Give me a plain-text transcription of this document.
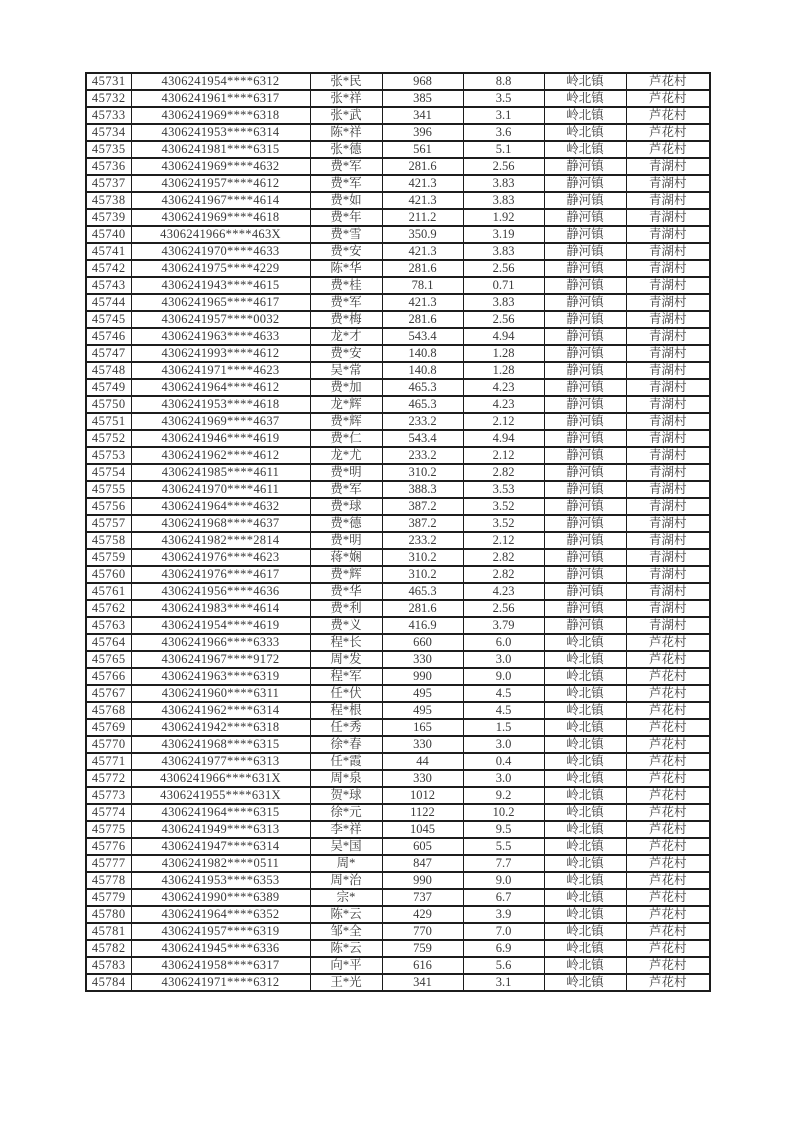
45731	4306241954****6312	张*民	968	8.8	岭北镇	芦花村
45732	4306241961****6317	张*祥	385	3.5	岭北镇	芦花村
45733	4306241969****6318	张*武	341	3.1	岭北镇	芦花村
45734	4306241953****6314	陈*祥	396	3.6	岭北镇	芦花村
45735	4306241981****6315	张*德	561	5.1	岭北镇	芦花村
45736	4306241969****4632	费*军	281.6	2.56	静河镇	青湖村
45737	4306241957****4612	费*军	421.3	3.83	静河镇	青湖村
45738	4306241967****4614	费*如	421.3	3.83	静河镇	青湖村
45739	4306241969****4618	费*年	211.2	1.92	静河镇	青湖村
45740	4306241966****463X	费*雪	350.9	3.19	静河镇	青湖村
45741	4306241970****4633	费*安	421.3	3.83	静河镇	青湖村
45742	4306241975****4229	陈*华	281.6	2.56	静河镇	青湖村
45743	4306241943****4615	费*桂	78.1	0.71	静河镇	青湖村
45744	4306241965****4617	费*军	421.3	3.83	静河镇	青湖村
45745	4306241957****0032	费*梅	281.6	2.56	静河镇	青湖村
45746	4306241963****4633	龙*才	543.4	4.94	静河镇	青湖村
45747	4306241993****4612	费*安	140.8	1.28	静河镇	青湖村
45748	4306241971****4623	吴*常	140.8	1.28	静河镇	青湖村
45749	4306241964****4612	费*加	465.3	4.23	静河镇	青湖村
45750	4306241953****4618	龙*辉	465.3	4.23	静河镇	青湖村
45751	4306241969****4637	费*辉	233.2	2.12	静河镇	青湖村
45752	4306241946****4619	费*仁	543.4	4.94	静河镇	青湖村
45753	4306241962****4612	龙*尤	233.2	2.12	静河镇	青湖村
45754	4306241985****4611	费*明	310.2	2.82	静河镇	青湖村
45755	4306241970****4611	费*军	388.3	3.53	静河镇	青湖村
45756	4306241964****4632	费*球	387.2	3.52	静河镇	青湖村
45757	4306241968****4637	费*德	387.2	3.52	静河镇	青湖村
45758	4306241982****2814	费*明	233.2	2.12	静河镇	青湖村
45759	4306241976****4623	蒋*娴	310.2	2.82	静河镇	青湖村
45760	4306241976****4617	费*辉	310.2	2.82	静河镇	青湖村
45761	4306241956****4636	费*华	465.3	4.23	静河镇	青湖村
45762	4306241983****4614	费*利	281.6	2.56	静河镇	青湖村
45763	4306241954****4619	费*义	416.9	3.79	静河镇	青湖村
45764	4306241966****6333	程*长	660	6.0	岭北镇	芦花村
45765	4306241967****9172	周*发	330	3.0	岭北镇	芦花村
45766	4306241963****6319	程*军	990	9.0	岭北镇	芦花村
45767	4306241960****6311	任*伏	495	4.5	岭北镇	芦花村
45768	4306241962****6314	程*根	495	4.5	岭北镇	芦花村
45769	4306241942****6318	任*秀	165	1.5	岭北镇	芦花村
45770	4306241968****6315	徐*春	330	3.0	岭北镇	芦花村
45771	4306241977****6313	任*霞	44	0.4	岭北镇	芦花村
45772	4306241966****631X	周*泉	330	3.0	岭北镇	芦花村
45773	4306241955****631X	贺*球	1012	9.2	岭北镇	芦花村
45774	4306241964****6315	徐*元	1122	10.2	岭北镇	芦花村
45775	4306241949****6313	李*祥	1045	9.5	岭北镇	芦花村
45776	4306241947****6314	吴*国	605	5.5	岭北镇	芦花村
45777	4306241982****0511	周*	847	7.7	岭北镇	芦花村
45778	4306241953****6353	周*治	990	9.0	岭北镇	芦花村
45779	4306241990****6389	宗*	737	6.7	岭北镇	芦花村
45780	4306241964****6352	陈*云	429	3.9	岭北镇	芦花村
45781	4306241957****6319	邹*全	770	7.0	岭北镇	芦花村
45782	4306241945****6336	陈*云	759	6.9	岭北镇	芦花村
45783	4306241958****6317	向*平	616	5.6	岭北镇	芦花村
45784	4306241971****6312	王*光	341	3.1	岭北镇	芦花村
